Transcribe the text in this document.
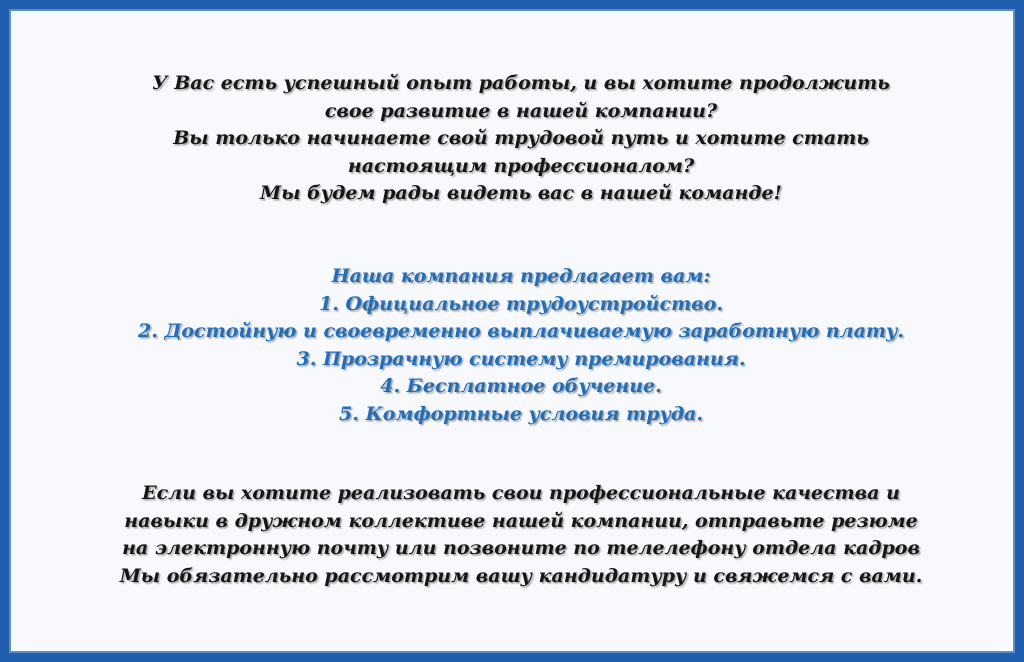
У Вас есть успешный опыт работы, и вы хотите продолжить
свое развитие в нашей компании?
Вы только начинаете свой трудовой путь и хотите стать
настоящим профессионалом?
Мы будем рады видеть вас в нашей команде!
Наша компания предлагает вам:
1. Официальное трудоустройство.
2. Достойную и своевременно выплачиваемую заработную плату.
3. Прозрачную систему премирования.
4. Бесплатное обучение.
5. Комфортные условия труда.
Если вы хотите реализовать свои профессиональные качества и
навыки в дружном коллективе нашей компании, отправьте резюме
на электронную почту или позвоните по телелефону отдела кадров
Мы обязательно рассмотрим вашу кандидатуру и свяжемся с вами.
